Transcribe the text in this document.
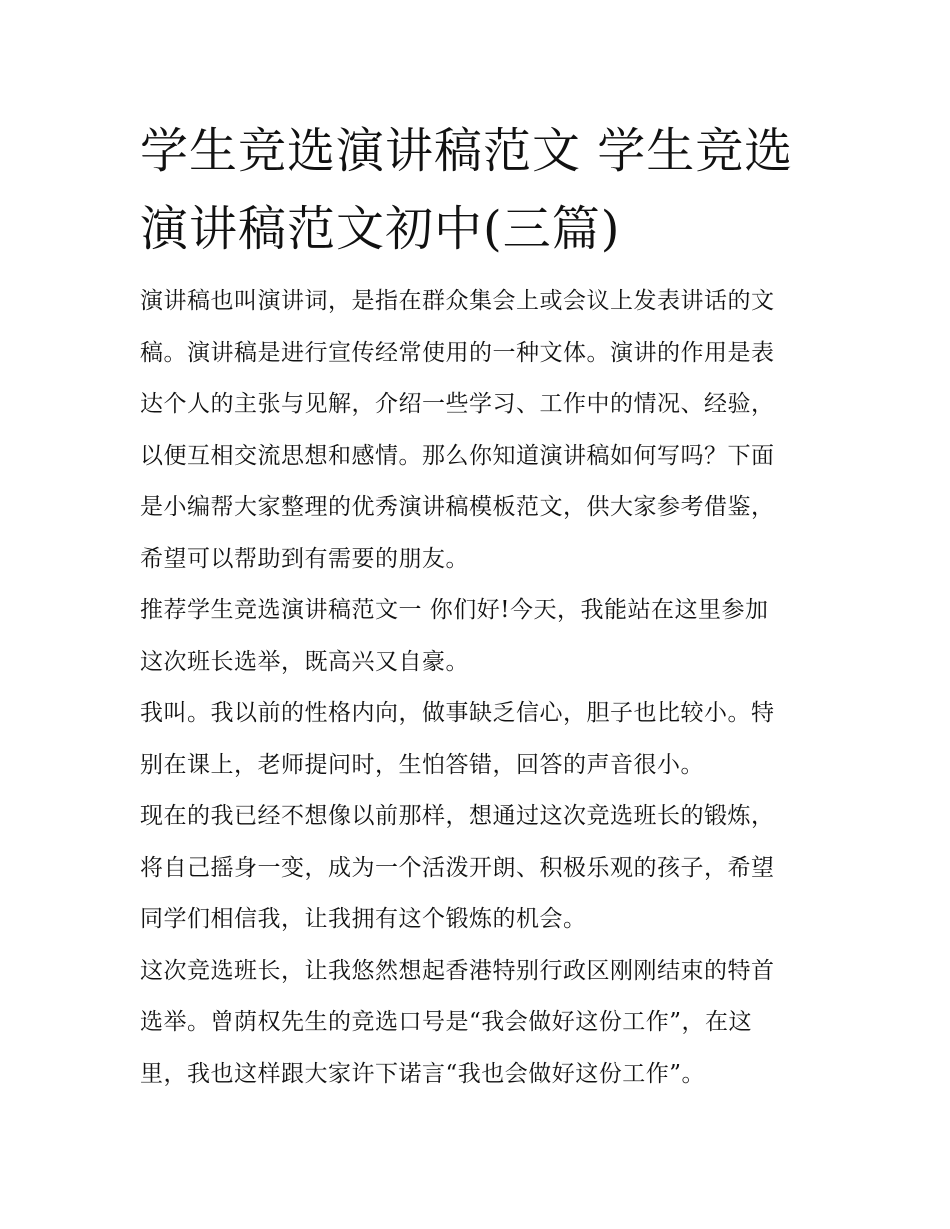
学生竞选演讲稿范文 学生竞选
演讲稿范文初中(三篇)

演讲稿也叫演讲词，是指在群众集会上或会议上发表讲话的文
稿。演讲稿是进行宣传经常使用的一种文体。演讲的作用是表
达个人的主张与见解，介绍一些学习、工作中的情况、经验，
以便互相交流思想和感情。那么你知道演讲稿如何写吗？下面
是小编帮大家整理的优秀演讲稿模板范文，供大家参考借鉴，
希望可以帮助到有需要的朋友。

推荐学生竞选演讲稿范文一 你们好!今天，我能站在这里参加
这次班长选举，既高兴又自豪。

我叫。我以前的性格内向，做事缺乏信心，胆子也比较小。特
别在课上，老师提问时，生怕答错，回答的声音很小。

现在的我已经不想像以前那样，想通过这次竞选班长的锻炼，
将自己摇身一变，成为一个活泼开朗、积极乐观的孩子，希望
同学们相信我，让我拥有这个锻炼的机会。

这次竞选班长，让我悠然想起香港特别行政区刚刚结束的特首
选举。曾荫权先生的竞选口号是“我会做好这份工作”，在这
里，我也这样跟大家许下诺言“我也会做好这份工作”。
